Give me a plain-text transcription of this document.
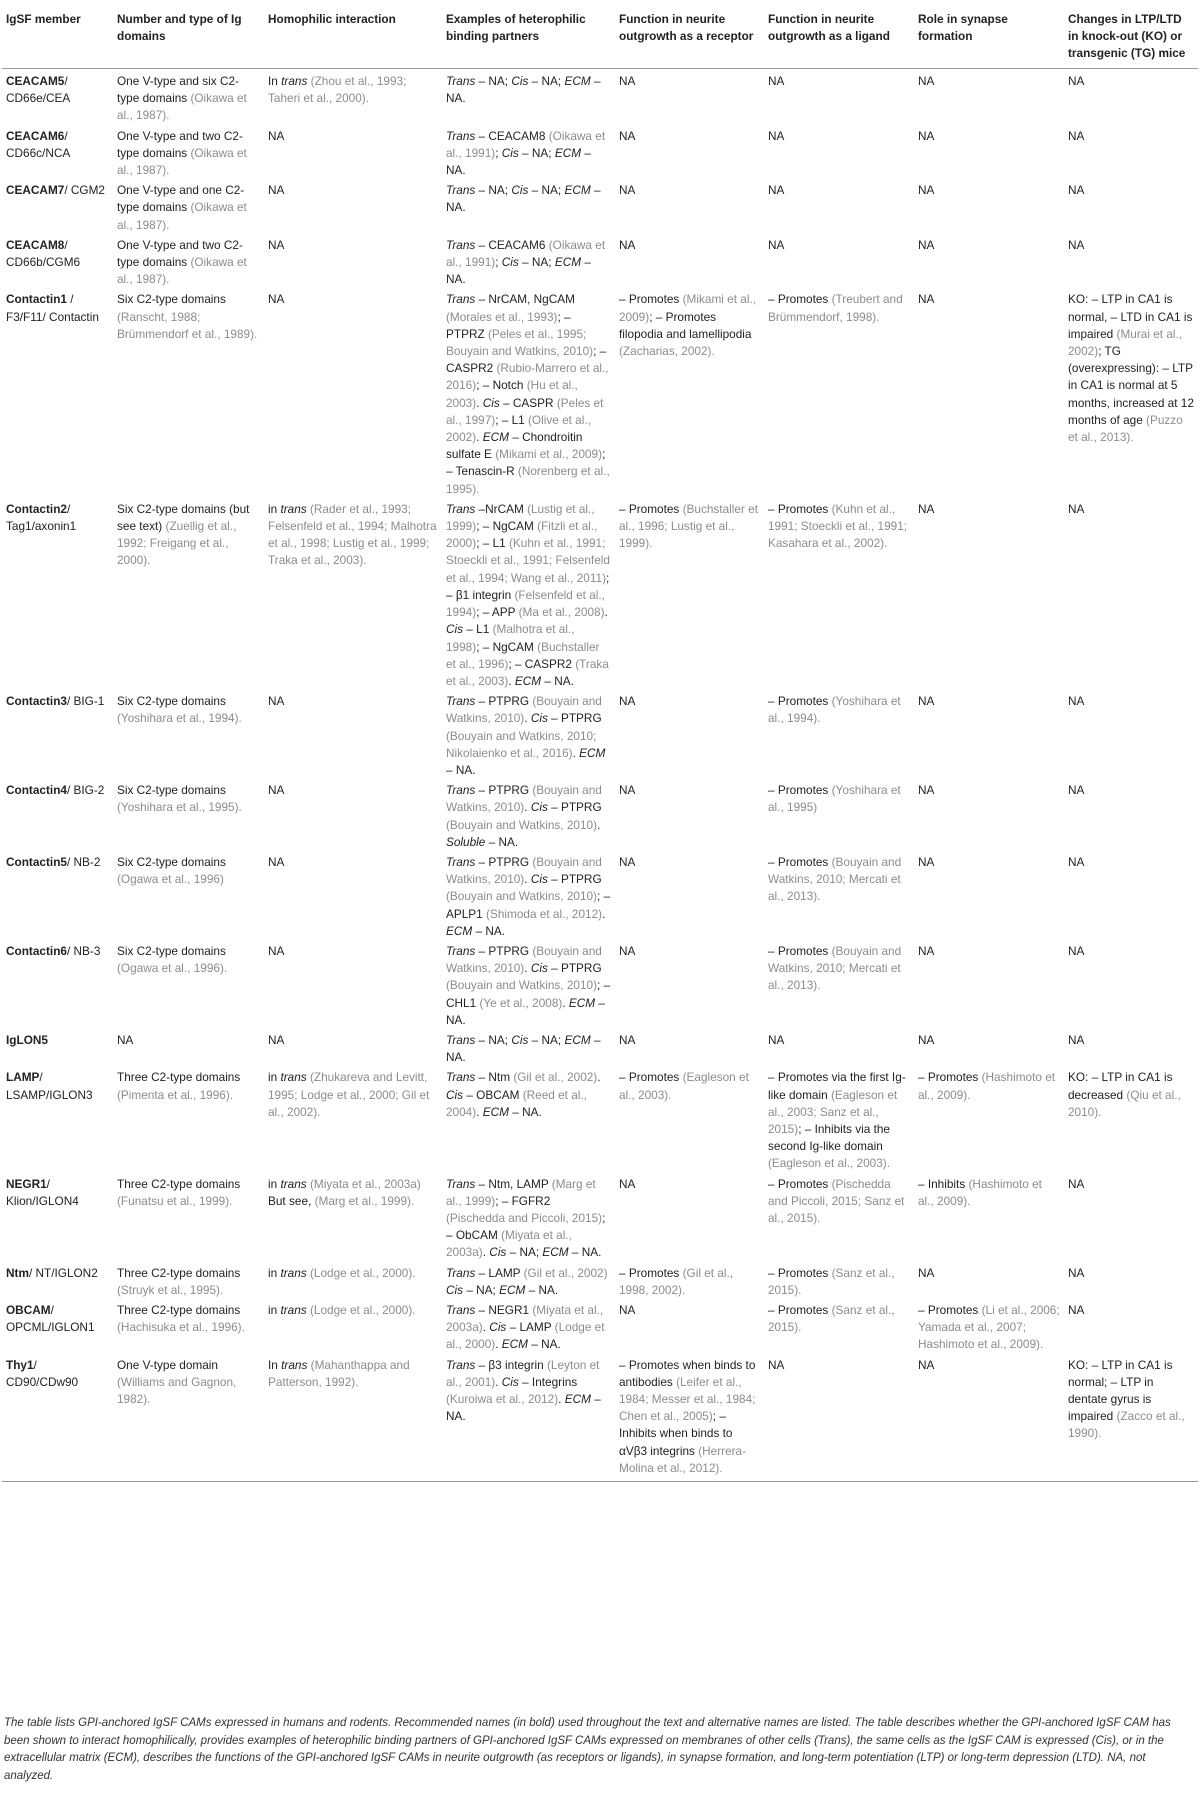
IgSF member	Number and type of Ig domains	Homophilic interaction	Examples of heterophilic binding partners	Function in neurite outgrowth as a receptor	Function in neurite outgrowth as a ligand	Role in synapse formation	Changes in LTP/LTD in knock-out (KO) or transgenic (TG) mice
CEACAM5/ CD66e/CEA	One V-type and six C2-type domains (Oikawa et al., 1987).	In trans (Zhou et al., 1993; Taheri et al., 2000).	Trans – NA; Cis – NA; ECM – NA.	NA	NA	NA	NA
CEACAM6/ CD66c/NCA	One V-type and two C2-type domains (Oikawa et al., 1987).	NA	Trans – CEACAM8 (Oikawa et al., 1991); Cis – NA; ECM – NA.	NA	NA	NA	NA
CEACAM7/ CGM2	One V-type and one C2-type domains (Oikawa et al., 1987).	NA	Trans – NA; Cis – NA; ECM – NA.	NA	NA	NA	NA
CEACAM8/ CD66b/CGM6	One V-type and two C2-type domains (Oikawa et al., 1987).	NA	Trans – CEACAM6 (Oikawa et al., 1991); Cis – NA; ECM – NA.	NA	NA	NA	NA
Contactin1 / F3/F11/ Contactin	Six C2-type domains (Ranscht, 1988; Brümmendorf et al., 1989).	NA	Trans – NrCAM, NgCAM (Morales et al., 1993); – PTPRZ (Peles et al., 1995; Bouyain and Watkins, 2010); – CASPR2 (Rubio-Marrero et al., 2016); – Notch (Hu et al., 2003). Cis – CASPR (Peles et al., 1997); – L1 (Olive et al., 2002). ECM – Chondroitin sulfate E (Mikami et al., 2009); – Tenascin-R (Norenberg et al., 1995).	– Promotes (Mikami et al., 2009); – Promotes filopodia and lamellipodia (Zacharias, 2002).	– Promotes (Treubert and Brümmendorf, 1998).	NA	KO: – LTP in CA1 is normal, – LTD in CA1 is impaired (Murai et al., 2002); TG (overexpressing): – LTP in CA1 is normal at 5 months, increased at 12 months of age (Puzzo et al., 2013).
Contactin2/ Tag1/axonin1	Six C2-type domains (but see text) (Zuellig et al., 1992; Freigang et al., 2000).	in trans (Rader et al., 1993; Felsenfeld et al., 1994; Malhotra et al., 1998; Lustig et al., 1999; Traka et al., 2003).	Trans –NrCAM (Lustig et al., 1999); – NgCAM (Fitzli et al., 2000); – L1 (Kuhn et al., 1991; Stoeckli et al., 1991; Felsenfeld et al., 1994; Wang et al., 2011); – β1 integrin (Felsenfeld et al., 1994); – APP (Ma et al., 2008). Cis – L1 (Malhotra et al., 1998); – NgCAM (Buchstaller et al., 1996); – CASPR2 (Traka et al., 2003). ECM – NA.	– Promotes (Buchstaller et al., 1996; Lustig et al., 1999).	– Promotes (Kuhn et al., 1991; Stoeckli et al., 1991; Kasahara et al., 2002).	NA	NA
Contactin3/ BIG-1	Six C2-type domains (Yoshihara et al., 1994).	NA	Trans – PTPRG (Bouyain and Watkins, 2010). Cis – PTPRG (Bouyain and Watkins, 2010; Nikolaienko et al., 2016). ECM – NA.	NA	– Promotes (Yoshihara et al., 1994).	NA	NA
Contactin4/ BIG-2	Six C2-type domains (Yoshihara et al., 1995).	NA	Trans – PTPRG (Bouyain and Watkins, 2010). Cis – PTPRG (Bouyain and Watkins, 2010). Soluble – NA.	NA	– Promotes (Yoshihara et al., 1995)	NA	NA
Contactin5/ NB-2	Six C2-type domains (Ogawa et al., 1996)	NA	Trans – PTPRG (Bouyain and Watkins, 2010). Cis – PTPRG (Bouyain and Watkins, 2010); – APLP1 (Shimoda et al., 2012). ECM – NA.	NA	– Promotes (Bouyain and Watkins, 2010; Mercati et al., 2013).	NA	NA
Contactin6/ NB-3	Six C2-type domains (Ogawa et al., 1996).	NA	Trans – PTPRG (Bouyain and Watkins, 2010). Cis – PTPRG (Bouyain and Watkins, 2010); – CHL1 (Ye et al., 2008). ECM – NA.	NA	– Promotes (Bouyain and Watkins, 2010; Mercati et al., 2013).	NA	NA
IgLON5	NA	NA	Trans – NA; Cis – NA; ECM – NA.	NA	NA	NA	NA
LAMP/ LSAMP/IGLON3	Three C2-type domains (Pimenta et al., 1996).	in trans (Zhukareva and Levitt, 1995; Lodge et al., 2000; Gil et al., 2002).	Trans – Ntm (Gil et al., 2002). Cis – OBCAM (Reed et al., 2004). ECM – NA.	– Promotes (Eagleson et al., 2003).	– Promotes via the first Ig-like domain (Eagleson et al., 2003; Sanz et al., 2015); – Inhibits via the second Ig-like domain (Eagleson et al., 2003).	– Promotes (Hashimoto et al., 2009).	KO: – LTP in CA1 is decreased (Qiu et al., 2010).
NEGR1/ Klion/IGLON4	Three C2-type domains (Funatsu et al., 1999).	in trans (Miyata et al., 2003a) But see, (Marg et al., 1999).	Trans – Ntm, LAMP (Marg et al., 1999); – FGFR2 (Pischedda and Piccoli, 2015); – ObCAM (Miyata et al., 2003a). Cis – NA; ECM – NA.	NA	– Promotes (Pischedda and Piccoli, 2015; Sanz et al., 2015).	– Inhibits (Hashimoto et al., 2009).	NA
Ntm/ NT/IGLON2	Three C2-type domains (Struyk et al., 1995).	in trans (Lodge et al., 2000).	Trans – LAMP (Gil et al., 2002) Cis – NA; ECM – NA.	– Promotes (Gil et al., 1998, 2002).	– Promotes (Sanz et al., 2015).	NA	NA
OBCAM/ OPCML/IGLON1	Three C2-type domains (Hachisuka et al., 1996).	in trans (Lodge et al., 2000).	Trans – NEGR1 (Miyata et al., 2003a). Cis – LAMP (Lodge et al., 2000). ECM – NA.	NA	– Promotes (Sanz et al., 2015).	– Promotes (Li et al., 2006; Yamada et al., 2007; Hashimoto et al., 2009).	NA
Thy1/ CD90/CDw90	One V-type domain (Williams and Gagnon, 1982).	In trans (Mahanthappa and Patterson, 1992).	Trans – β3 integrin (Leyton et al., 2001). Cis – Integrins (Kuroiwa et al., 2012). ECM – NA.	– Promotes when binds to antibodies (Leifer et al., 1984; Messer et al., 1984; Chen et al., 2005); – Inhibits when binds to αVβ3 integrins (Herrera-Molina et al., 2012).	NA	NA	KO: – LTP in CA1 is normal; – LTP in dentate gyrus is impaired (Zacco et al., 1990).
The table lists GPI-anchored IgSF CAMs expressed in humans and rodents. Recommended names (in bold) used throughout the text and alternative names are listed. The table describes whether the GPI-anchored IgSF CAM has been shown to interact homophilically, provides examples of heterophilic binding partners of GPI-anchored IgSF CAMs expressed on membranes of other cells (Trans), the same cells as the IgSF CAM is expressed (Cis), or in the extracellular matrix (ECM), describes the functions of the GPI-anchored IgSF CAMs in neurite outgrowth (as receptors or ligands), in synapse formation, and long-term potentiation (LTP) or long-term depression (LTD). NA, not analyzed.
